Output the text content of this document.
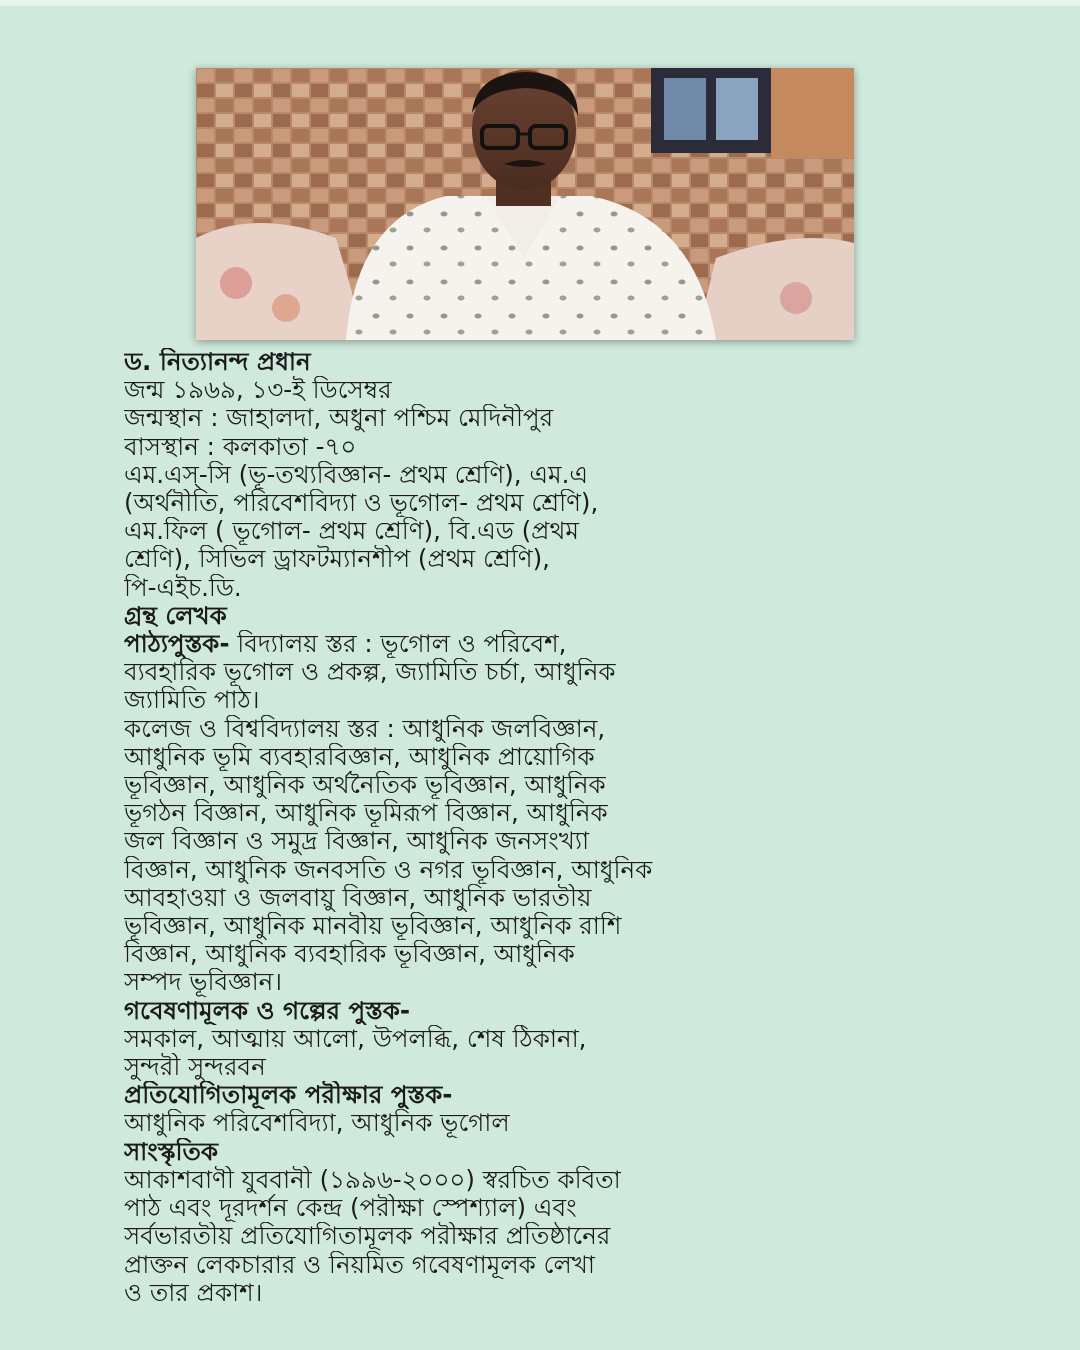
ড. নিত্যানন্দ প্রধান
জন্ম ১৯৬৯, ১৩-ই ডিসেম্বর
জন্মস্থান : জাহালদা, অধুনা পশ্চিম মেদিনীপুর
বাসস্থান : কলকাতা -৭০
এম.এস্-সি (ভূ-তথ্যবিজ্ঞান- প্রথম শ্রেণি), এম.এ
(অর্থনীতি, পরিবেশবিদ্যা ও ভূগোল- প্রথম শ্রেণি),
এম.ফিল ( ভূগোল- প্রথম শ্রেণি), বি.এড (প্রথম
শ্রেণি), সিভিল ড্রাফটম্যানশীপ (প্রথম শ্রেণি),
পি-এইচ.ডি.
গ্রন্থ লেখক
পাঠ্যপুস্তক- বিদ্যালয় স্তর : ভূগোল ও পরিবেশ,
ব্যবহারিক ভূগোল ও প্রকল্প, জ্যামিতি চর্চা, আধুনিক
জ্যামিতি পাঠ।
কলেজ ও বিশ্ববিদ্যালয় স্তর : আধুনিক জলবিজ্ঞান,
আধুনিক ভূমি ব্যবহারবিজ্ঞান, আধুনিক প্রায়োগিক
ভূবিজ্ঞান, আধুনিক অর্থনৈতিক ভূবিজ্ঞান, আধুনিক
ভূগঠন বিজ্ঞান, আধুনিক ভূমিরূপ বিজ্ঞান, আধুনিক
জল বিজ্ঞান ও সমুদ্র বিজ্ঞান, আধুনিক জনসংখ্যা
বিজ্ঞান, আধুনিক জনবসতি ও নগর ভূবিজ্ঞান, আধুনিক
আবহাওয়া ও জলবায়ু বিজ্ঞান, আধুনিক ভারতীয়
ভূবিজ্ঞান, আধুনিক মানবীয় ভূবিজ্ঞান, আধুনিক রাশি
বিজ্ঞান, আধুনিক ব্যবহারিক ভূবিজ্ঞান, আধুনিক
সম্পদ ভূবিজ্ঞান।
গবেষণামূলক ও গল্পের পুস্তক-
সমকাল, আত্মায় আলো, উপলব্ধি, শেষ ঠিকানা,
সুন্দরী সুন্দরবন
প্রতিযোগিতামূলক পরীক্ষার পুস্তক-
আধুনিক পরিবেশবিদ্যা, আধুনিক ভূগোল
সাংস্কৃতিক
আকাশবাণী যুববানী (১৯৯৬-২০০০) স্বরচিত কবিতা
পাঠ এবং দূরদর্শন কেন্দ্র (পরীক্ষা স্পেশ্যাল) এবং
সর্বভারতীয় প্রতিযোগিতামূলক পরীক্ষার প্রতিষ্ঠানের
প্রাক্তন লেকচারার ও নিয়মিত গবেষণামূলক লেখা
ও তার প্রকাশ।
